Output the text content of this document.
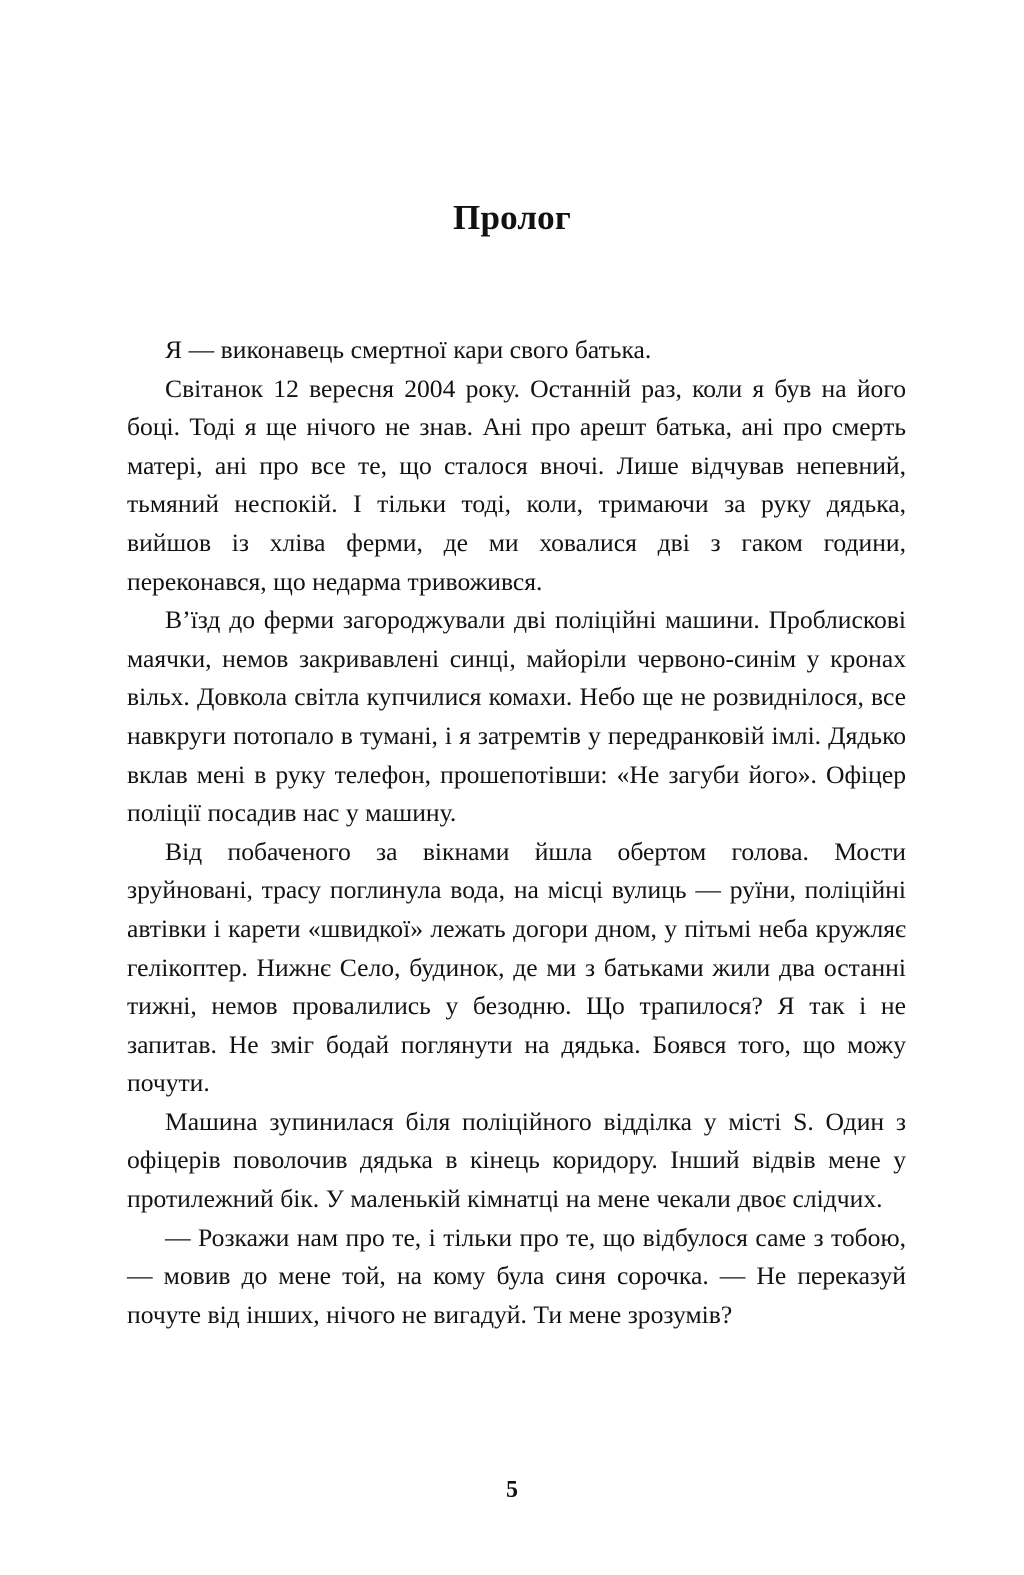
Пролог

Я — виконавець смертної кари свого батька.

Світанок 12 вересня 2004 року. Останній раз, коли я був на його боці. Тоді я ще нічого не знав. Ані про арешт батька, ані про смерть матері, ані про все те, що сталося вночі. Лише відчував непевний, тьмяний неспокій. І тільки тоді, коли, тримаючи за руку дядька, вийшов із хліва ферми, де ми ховалися дві з гаком години, переконався, що недарма тривожився.

В’їзд до ферми загороджували дві поліційні машини. Проблискові маячки, немов закривавлені синці, майоріли червоно-синім у кронах вільх. Довкола світла купчилися комахи. Небо ще не розвиднілося, все навкруги потопало в тумані, і я затремтів у передранковій імлі. Дядько вклав мені в руку телефон, прошепотівши: «Не загуби його». Офіцер поліції посадив нас у машину.

Від побаченого за вікнами йшла обертом голова. Мости зруйновані, трасу поглинула вода, на місці вулиць — руїни, поліційні автівки і карети «швидкої» лежать догори дном, у пітьмі неба кружляє гелікоптер. Нижнє Село, будинок, де ми з батьками жили два останні тижні, немов провалились у безодню. Що трапилося? Я так і не запитав. Не зміг бодай поглянути на дядька. Боявся того, що можу почути.

Машина зупинилася біля поліційного відділка у місті S. Один з офіцерів поволочив дядька в кінець коридору. Інший відвів мене у протилежний бік. У маленькій кімнатці на мене чекали двоє слідчих.

— Розкажи нам про те, і тільки про те, що відбулося саме з тобою, — мовив до мене той, на кому була синя сорочка. — Не переказуй почуте від інших, нічого не вигадуй. Ти мене зрозумів?

5
